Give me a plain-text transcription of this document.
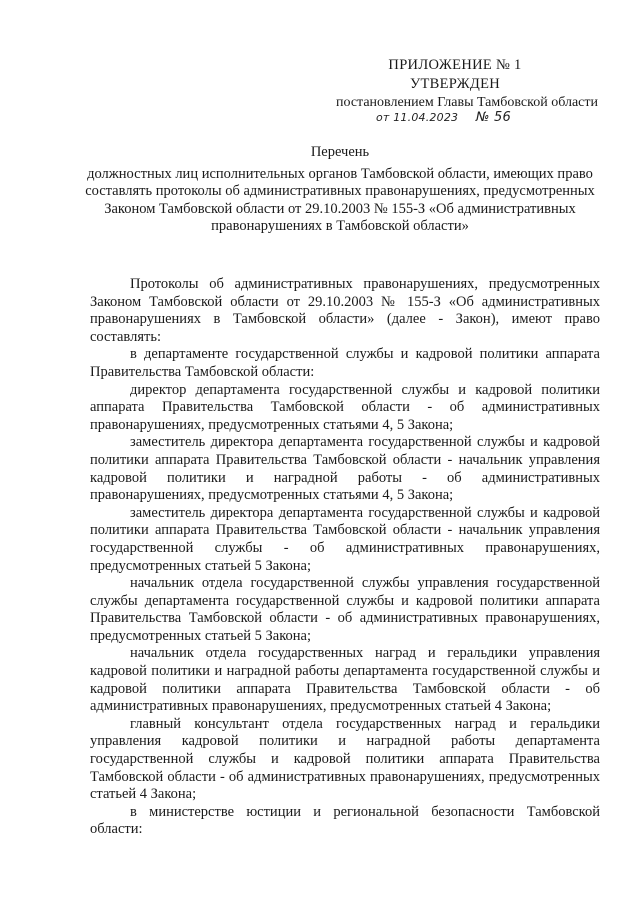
ПРИЛОЖЕНИЕ № 1
УТВЕРЖДЕН
постановлением Главы Тамбовской области
от 11.04.2023 № 56
Перечень
должностных лиц исполнительных органов Тамбовской области, имеющих право составлять протоколы об административных правонарушениях, предусмотренных Законом Тамбовской области от 29.10.2003 № 155-З «Об административных правонарушениях в Тамбовской области»

Протоколы об административных правонарушениях, предусмотренных Законом Тамбовской области от 29.10.2003 № 155-З «Об административных правонарушениях в Тамбовской области» (далее - Закон), имеют право составлять:

в департаменте государственной службы и кадровой политики аппарата Правительства Тамбовской области:

директор департамента государственной службы и кадровой политики аппарата Правительства Тамбовской области - об административных правонарушениях, предусмотренных статьями 4, 5 Закона;

заместитель директора департамента государственной службы и кадровой политики аппарата Правительства Тамбовской области - начальник управления кадровой политики и наградной работы - об административных правонарушениях, предусмотренных статьями 4, 5 Закона;

заместитель директора департамента государственной службы и кадровой политики аппарата Правительства Тамбовской области - начальник управления государственной службы - об административных правонарушениях, предусмотренных статьей 5 Закона;

начальник отдела государственной службы управления государственной службы департамента государственной службы и кадровой политики аппарата Правительства Тамбовской области - об административных правонарушениях, предусмотренных статьей 5 Закона;

начальник отдела государственных наград и геральдики управления кадровой политики и наградной работы департамента государственной службы и кадровой политики аппарата Правительства Тамбовской области - об административных правонарушениях, предусмотренных статьей 4 Закона;

главный консультант отдела государственных наград и геральдики управления кадровой политики и наградной работы департамента государственной службы и кадровой политики аппарата Правительства Тамбовской области - об административных правонарушениях, предусмотренных статьей 4 Закона;

в министерстве юстиции и региональной безопасности Тамбовской области:
